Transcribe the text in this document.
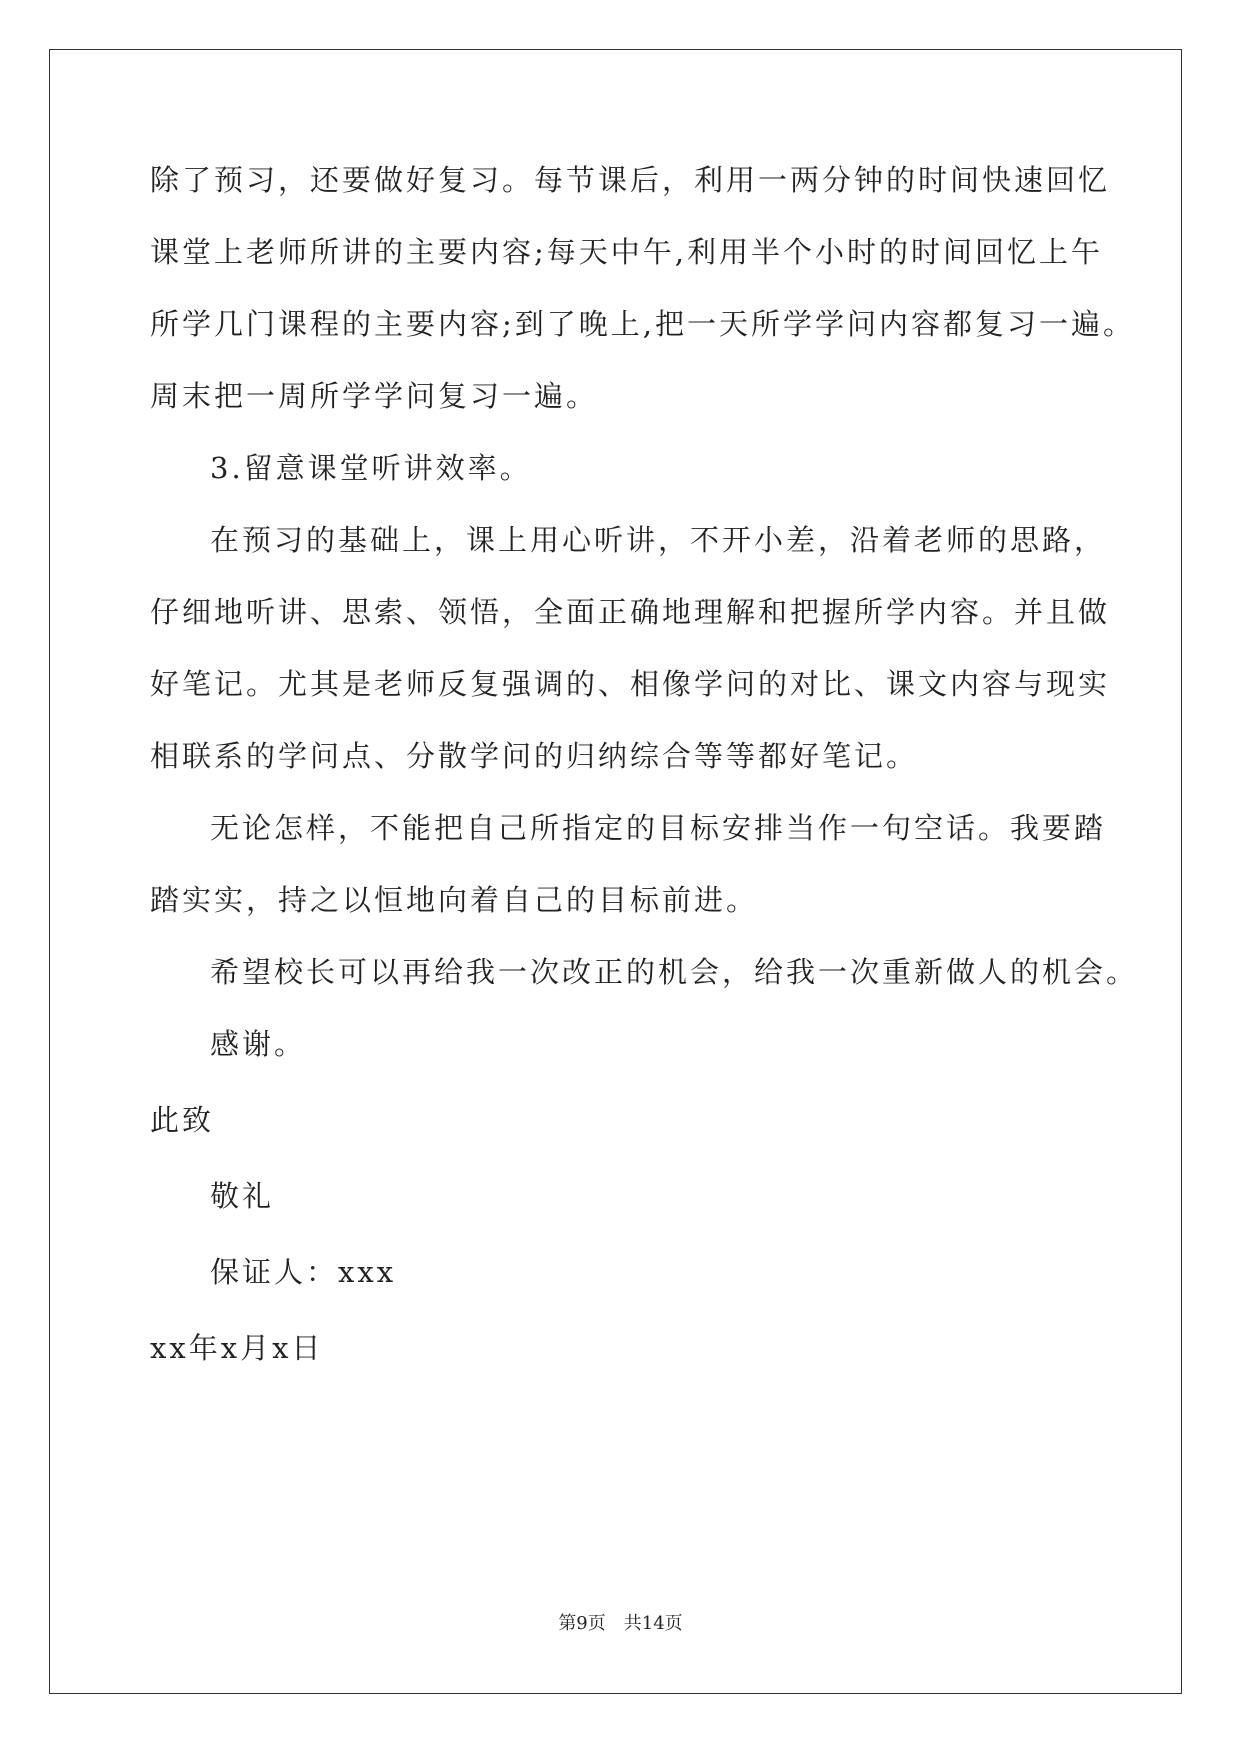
除了预习，还要做好复习。每节课后，利用一两分钟的时间快速回忆
课堂上老师所讲的主要内容;每天中午,利用半个小时的时间回忆上午
所学几门课程的主要内容;到了晚上,把一天所学学问内容都复习一遍。
周末把一周所学学问复习一遍。
3.留意课堂听讲效率。
在预习的基础上，课上用心听讲，不开小差，沿着老师的思路，
仔细地听讲、思索、领悟，全面正确地理解和把握所学内容。并且做
好笔记。尤其是老师反复强调的、相像学问的对比、课文内容与现实
相联系的学问点、分散学问的归纳综合等等都好笔记。
无论怎样，不能把自己所指定的目标安排当作一句空话。我要踏
踏实实，持之以恒地向着自己的目标前进。
希望校长可以再给我一次改正的机会，给我一次重新做人的机会。
感谢。
此致
敬礼
保证人：xxx
xx年x月x日
第9页　共14页
